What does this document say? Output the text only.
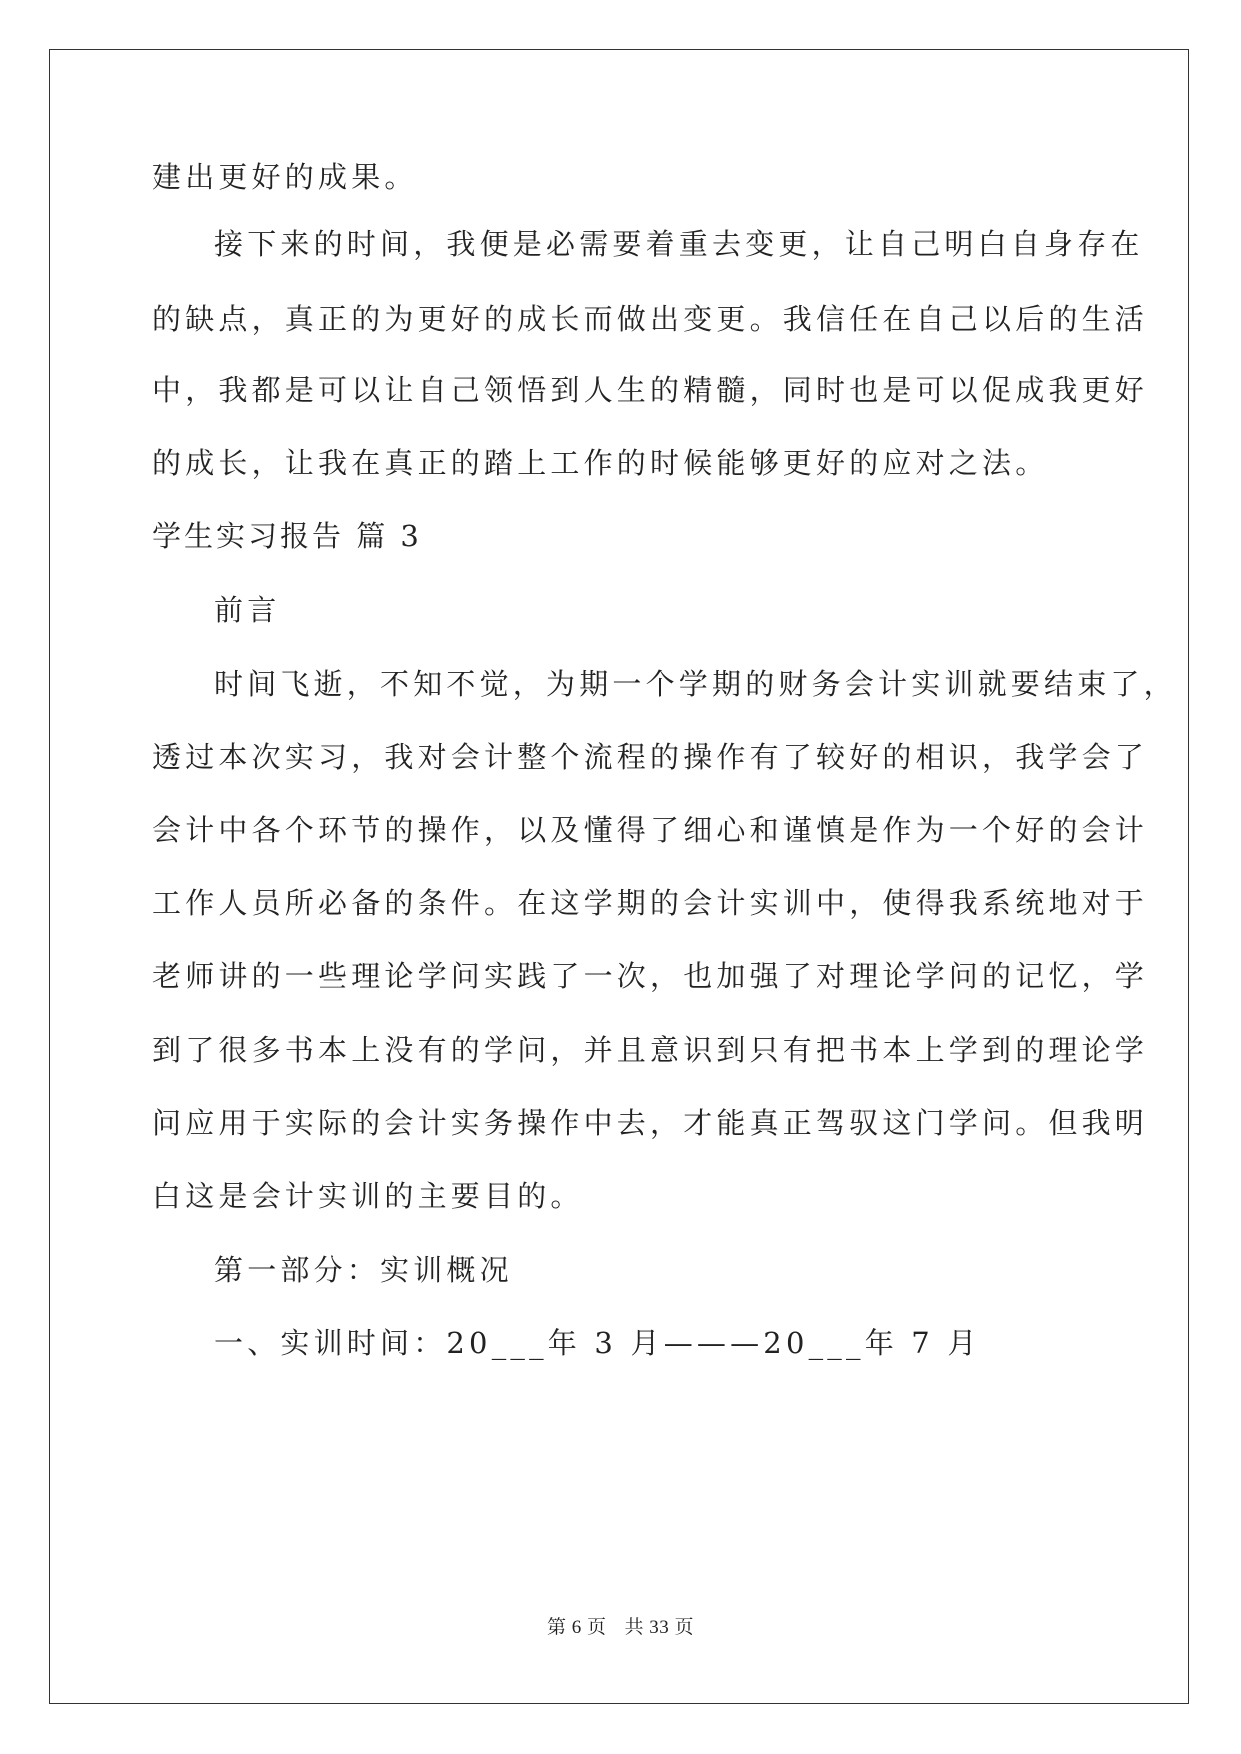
建出更好的成果。
接下来的时间，我便是必需要着重去变更，让自己明白自身存在
的缺点，真正的为更好的成长而做出变更。我信任在自己以后的生活
中，我都是可以让自己领悟到人生的精髓，同时也是可以促成我更好
的成长，让我在真正的踏上工作的时候能够更好的应对之法。
学生实习报告 篇 3
前言
时间飞逝，不知不觉，为期一个学期的财务会计实训就要结束了，
透过本次实习，我对会计整个流程的操作有了较好的相识，我学会了
会计中各个环节的操作，以及懂得了细心和谨慎是作为一个好的会计
工作人员所必备的条件。在这学期的会计实训中，使得我系统地对于
老师讲的一些理论学问实践了一次，也加强了对理论学问的记忆，学
到了很多书本上没有的学问，并且意识到只有把书本上学到的理论学
问应用于实际的会计实务操作中去，才能真正驾驭这门学问。但我明
白这是会计实训的主要目的。
第一部分：实训概况
一、实训时间：20___年 3 月———20___年 7 月
第 6 页 共 33 页
